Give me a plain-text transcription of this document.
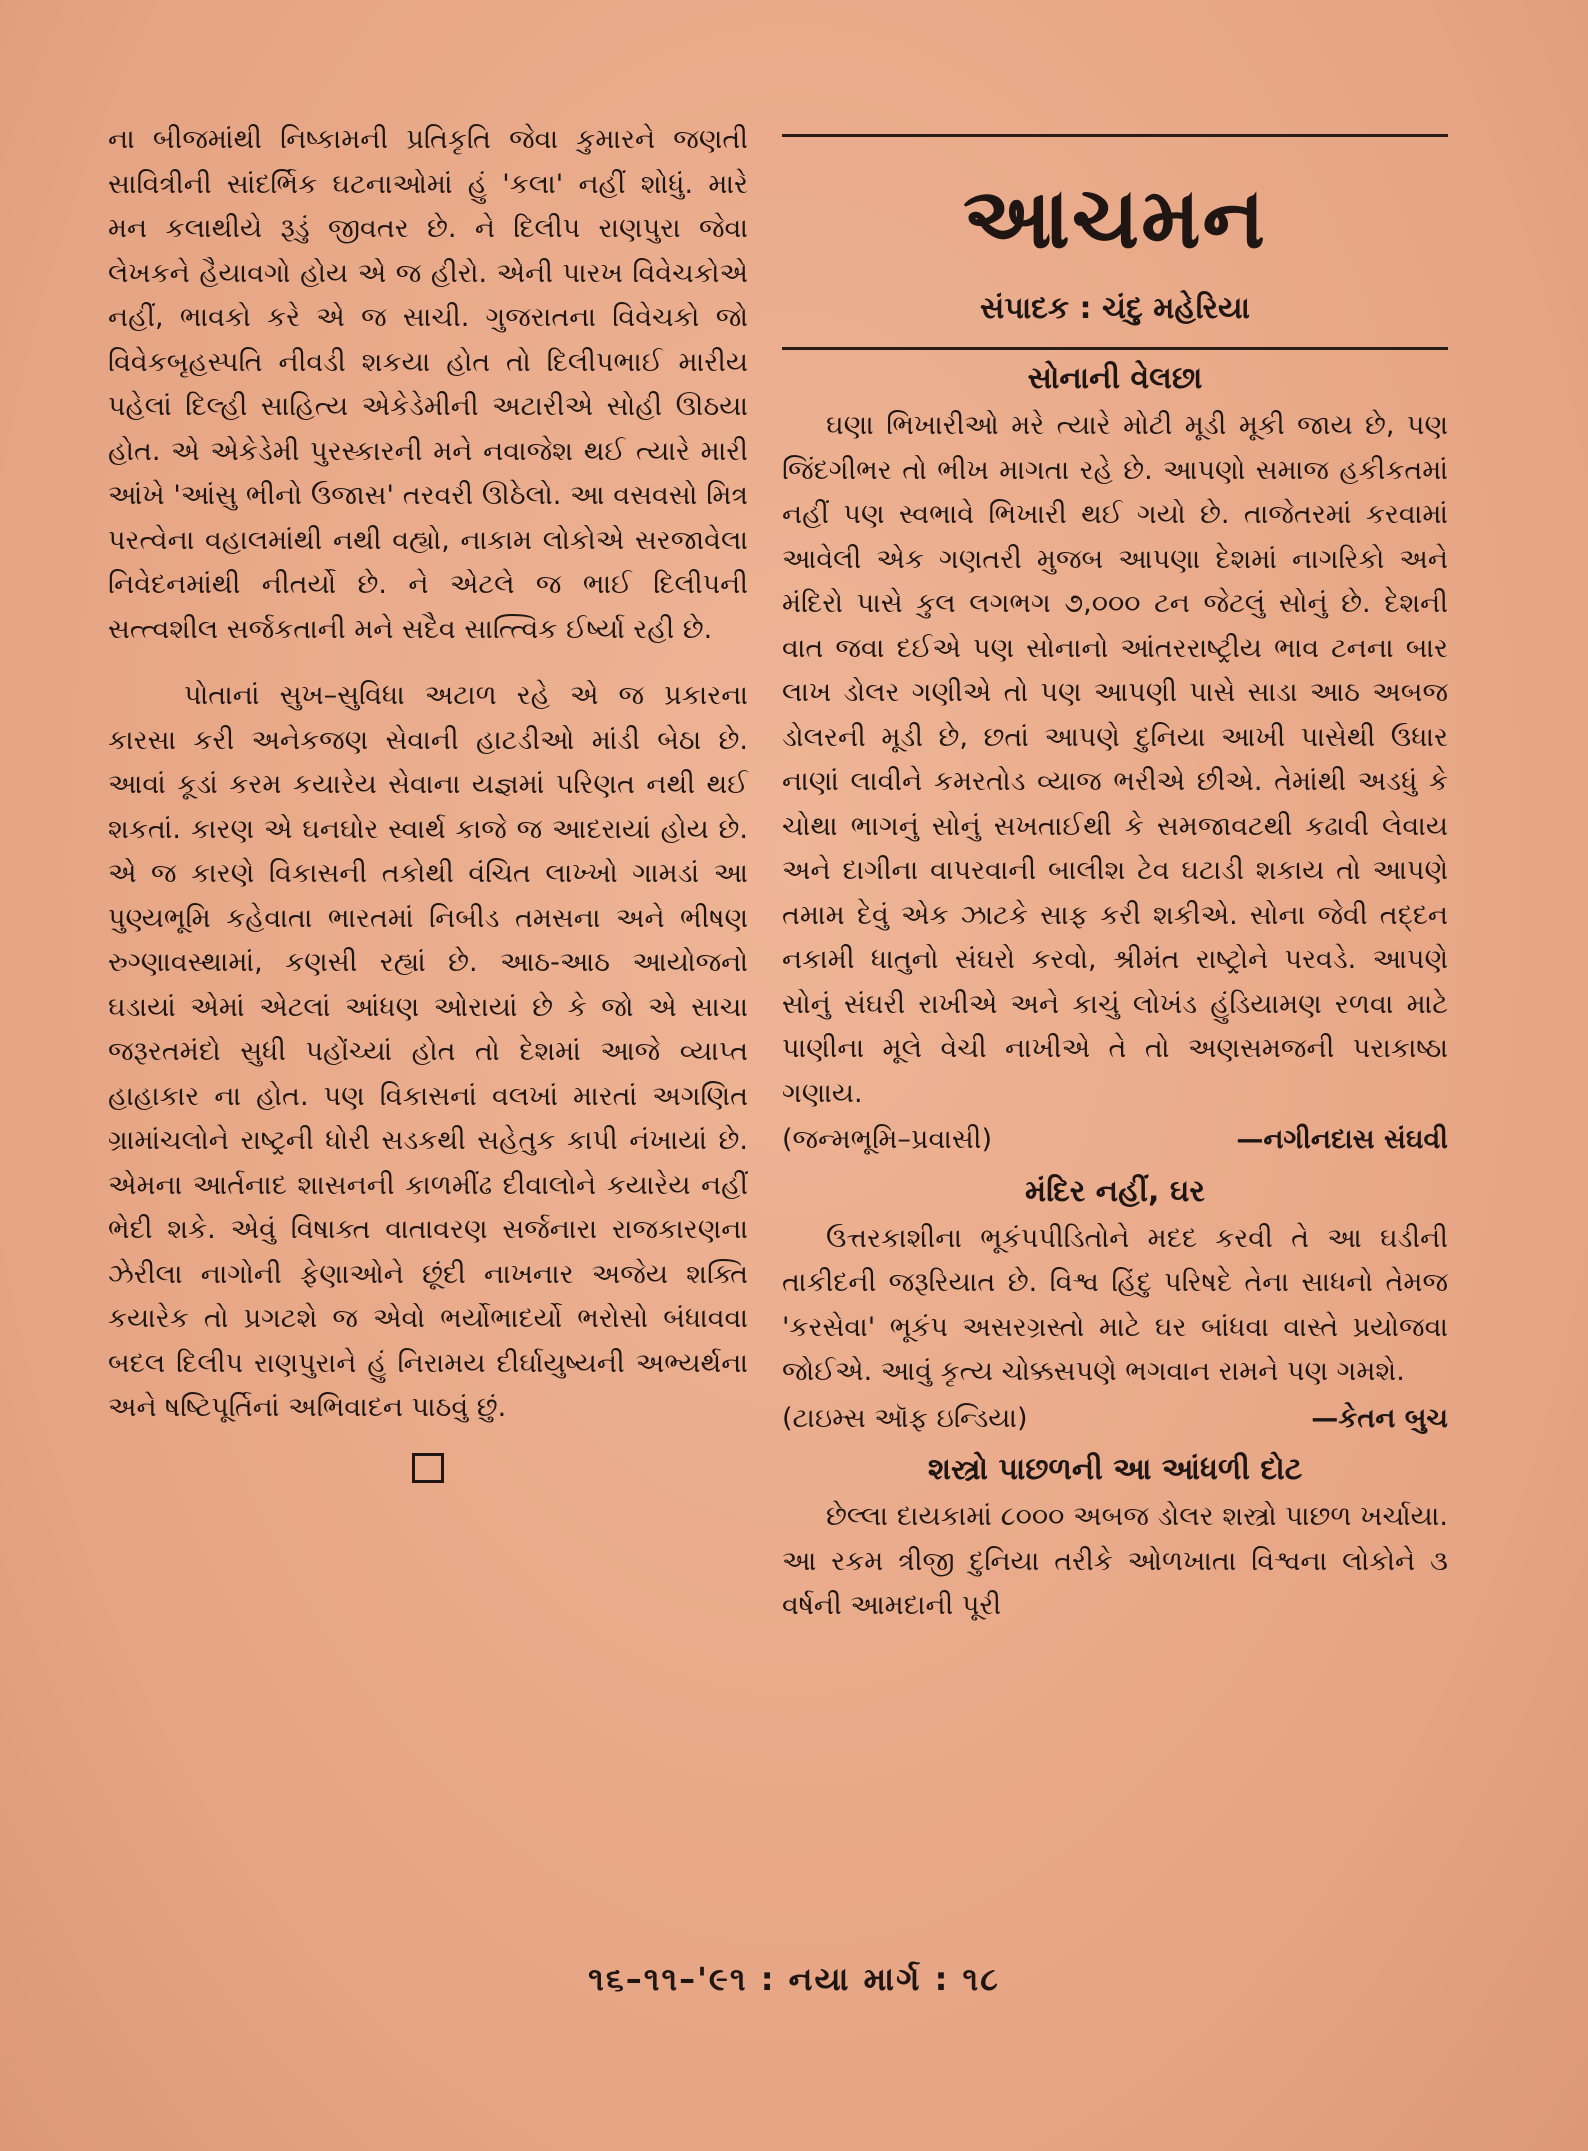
ના બીજમાંથી નિષ્કામની પ્રતિકૃતિ જેવા કુમારને જણતી સાવિત્રીની સાંદર્ભિક ઘટનાઓમાં હું 'કલા' નહીં શોધું. મારે મન કલાથીયે રૂડું જીવતર છે. ને દિલીપ રાણપુરા જેવા લેખકને હૈયાવગો હોય એ જ હીરો. એની પારખ વિવેચકોએ નહીં, ભાવકો કરે એ જ સાચી. ગુજરાતના વિવેચકો જો વિવેકબૃહસ્પતિ નીવડી શકયા હોત તો દિલીપભાઈ મારીય પહેલાં દિલ્હી સાહિત્ય એકેડેમીની અટારીએ સોહી ઊઠયા હોત. એ એકેડેમી પુરસ્કારની મને નવાજેશ થઈ ત્યારે મારી આંખે 'આંસુ ભીનો ઉજાસ' તરવરી ઊઠેલો. આ વસવસો મિત્ર પરત્વેના વહાલમાંથી નથી વહ્યો, નાકામ લોકોએ સરજાવેલા નિવેદનમાંથી નીતર્યો છે. ને એટલે જ ભાઈ દિલીપની સત્ત્વશીલ સર્જકતાની મને સદૈવ સાત્ત્વિક ઈર્ષ્યા રહી છે.

પોતાનાં સુખ–સુવિધા અટાળ રહે એ જ પ્રકારના કારસા કરી અનેકજણ સેવાની હાટડીઓ માંડી બેઠા છે. આવાં કૂડાં કરમ કયારેય સેવાના યજ્ઞમાં પરિણત નથી થઈ શકતાં. કારણ એ ઘનઘોર સ્વાર્થ કાજે જ આદરાયાં હોય છે. એ જ કારણે વિકાસની તકોથી વંચિત લાખ્ખો ગામડાં આ પુણ્યભૂમિ કહેવાતા ભારતમાં નિબીડ તમસના અને ભીષણ રુગ્ણાવસ્થામાં, કણસી રહ્યાં છે. આઠ-આઠ આયોજનો ઘડાયાં એમાં એટલાં આંધણ ઓરાયાં છે કે જો એ સાચા જરૂરતમંદો સુધી પહોંચ્યાં હોત તો દેશમાં આજે વ્યાપ્ત હાહાકાર ના હોત. પણ વિકાસનાં વલખાં મારતાં અગણિત ગ્રામાંચલોને રાષ્ટ્રની ધોરી સડકથી સહેતુક કાપી નંખાયાં છે. એમના આર્તનાદ શાસનની કાળમીંઢ દીવાલોને કયારેય નહીં ભેદી શકે. એવું વિષાક્ત વાતાવરણ સર્જનારા રાજકારણના ઝેરીલા નાગોની ફેણાઓને છૂંદી નાખનાર અજેય શક્તિ કયારેક તો પ્રગટશે જ એવો ભર્યોભાદર્યો ભરોસો બંધાવવા બદલ દિલીપ રાણપુરાને હું નિરામય દીર્ઘાયુષ્યની અભ્યર્થના અને ષષ્ટિપૂર્તિનાં અભિવાદન પાઠવું છું.

આચમન
સંપાદક : ચંદુ મહેરિયા
સોનાની વેલછા

ઘણા ભિખારીઓ મરે ત્યારે મોટી મૂડી મૂકી જાય છે, પણ જિંદગીભર તો ભીખ માગતા રહે છે. આપણો સમાજ હકીકતમાં નહીં પણ સ્વભાવે ભિખારી થઈ ગયો છે. તાજેતરમાં કરવામાં આવેલી એક ગણતરી મુજબ આપણા દેશમાં નાગરિકો અને મંદિરો પાસે કુલ લગભગ ૭,૦૦૦ ટન જેટલું સોનું છે. દેશની વાત જવા દઈએ પણ સોનાનો આંતરરાષ્ટ્રીય ભાવ ટનના બાર લાખ ડોલર ગણીએ તો પણ આપણી પાસે સાડા આઠ અબજ ડોલરની મૂડી છે, છતાં આપણે દુનિયા આખી પાસેથી ઉધાર નાણાં લાવીને કમરતોડ વ્યાજ ભરીએ છીએ. તેમાંથી અડધું કે ચોથા ભાગનું સોનું સખતાઈથી કે સમજાવટથી કઢાવી લેવાય અને દાગીના વાપરવાની બાલીશ ટેવ ઘટાડી શકાય તો આપણે તમામ દેવું એક ઝાટકે સાફ કરી શકીએ. સોના જેવી તદ્દન નકામી ધાતુનો સંઘરો કરવો, શ્રીમંત રાષ્ટ્રોને પરવડે. આપણે સોનું સંઘરી રાખીએ અને કાચું લોખંડ હુંડિયામણ રળવા માટે પાણીના મૂલે વેચી નાખીએ તે તો અણસમજની પરાકાષ્ઠા ગણાય.

(જન્મભૂમિ–પ્રવાસી)	—નગીનદાસ સંઘવી
મંદિર નહીં, ઘર

ઉત્તરકાશીના ભૂકંપપીડિતોને મદદ કરવી તે આ ઘડીની તાકીદની જરૂરિયાત છે. વિશ્વ હિંદુ પરિષદે તેના સાધનો તેમજ 'કરસેવા' ભૂકંપ અસરગ્રસ્તો માટે ઘર બાંધવા વાસ્તે પ્રયોજવા જોઈએ. આવું કૃત્ય ચોક્કસપણે ભગવાન રામને પણ ગમશે.

(ટાઇમ્સ ઑફ ઇન્ડિયા)	—કેતન બુચ
શસ્ત્રો પાછળની આ આંધળી દોટ

છેલ્લા દાયકામાં ૮૦૦૦ અબજ ડોલર શસ્ત્રો પાછળ ખર્ચાયા. આ રકમ ત્રીજી દુનિયા તરીકે ઓળખાતા વિશ્વના લોકોને ૩ વર્ષની આમદાની પૂરી

૧૬–૧૧–'૯૧ : નયા માર્ગ : ૧૮
